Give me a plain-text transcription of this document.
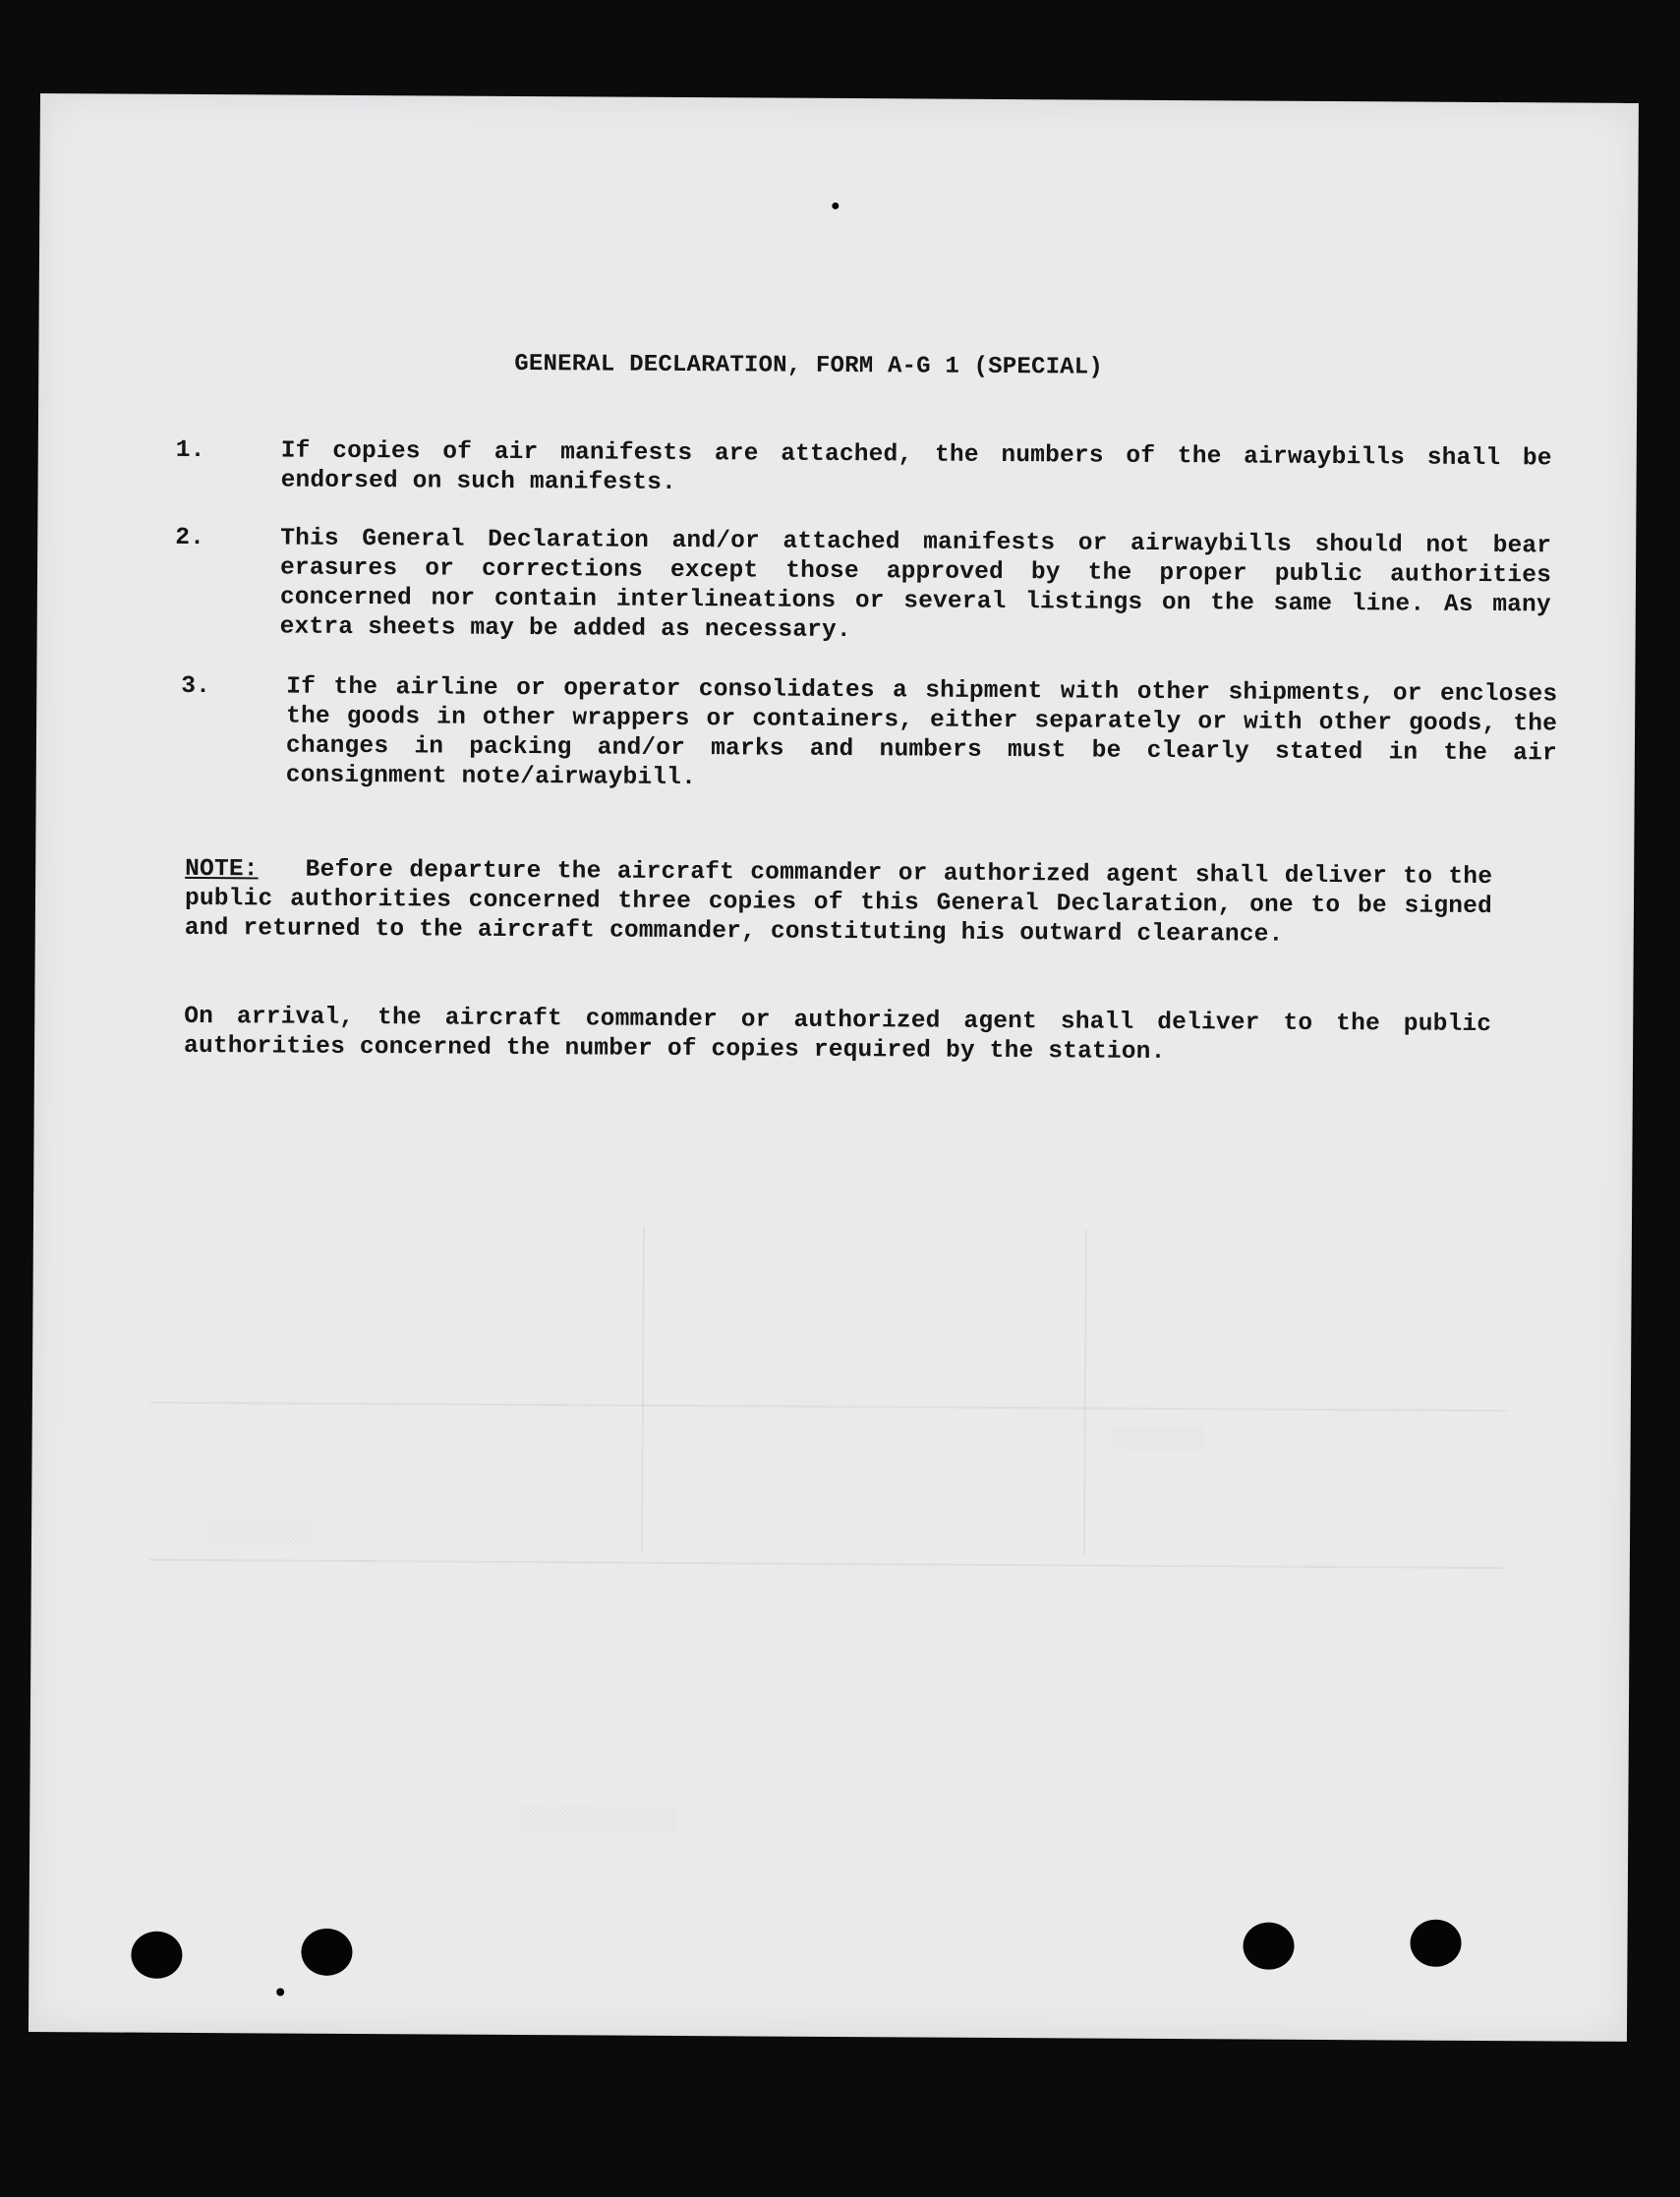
░░░░░░░░
░░░░░░░
░░░░░░░░░░░░
GENERAL DECLARATION, FORM A-G 1 (SPECIAL)
1.	If copies of air manifests are attached, the numbers of the airwaybills shall be endorsed on such manifests.
2.	This General Declaration and/or attached manifests or airwaybills should not bear erasures or corrections except those approved by the proper public authorities concerned nor contain interlineations or several listings on the same line. As many extra sheets may be added as necessary.
3.	If the airline or operator consolidates a shipment with other shipments, or encloses the goods in other wrappers or containers, either separately or with other goods, the changes in packing and/or marks and numbers must be clearly stated in the air consignment note/airwaybill.
NOTE: Before departure the aircraft commander or authorized agent shall deliver to the public authorities concerned three copies of this General Declaration, one to be signed and returned to the aircraft commander, constituting his outward clearance.
On arrival, the aircraft commander or authorized agent shall deliver to the public authorities concerned the number of copies required by the station.
